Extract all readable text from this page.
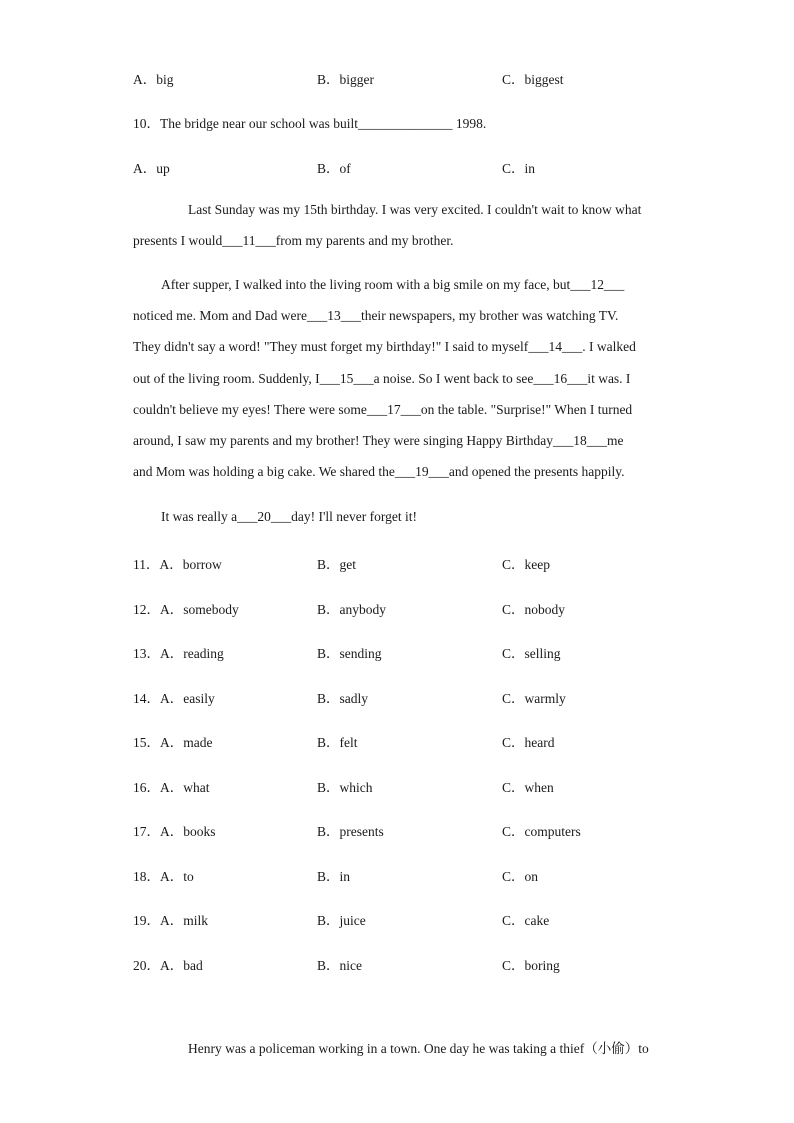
A．big	B．bigger	C．biggest
10．The bridge near our school was built______________ 1998.
A．up	B．of	C．in
Last Sunday was my 15th birthday. I was very excited. I couldn't wait to know what
presents I would___11___from my parents and my brother.
After supper, I walked into the living room with a big smile on my face, but___12___
noticed me. Mom and Dad were___13___their newspapers, my brother was watching TV.
They didn't say a word! "They must forget my birthday!" I said to myself___14___. I walked
out of the living room. Suddenly, I___15___a noise. So I went back to see___16___it was. I
couldn't believe my eyes! There were some___17___on the table. "Surprise!" When I turned
around, I saw my parents and my brother! They were singing Happy Birthday___18___me
and Mom was holding a big cake. We shared the___19___and opened the presents happily.
It was really a___20___day! I'll never forget it!
11．A．borrow	B．get	C．keep
12．A．somebody	B．anybody	C．nobody
13．A．reading	B．sending	C．selling
14．A．easily	B．sadly	C．warmly
15．A．made	B．felt	C．heard
16．A．what	B．which	C．when
17．A．books	B．presents	C．computers
18．A．to	B．in	C．on
19．A．milk	B．juice	C．cake
20．A．bad	B．nice	C．boring
Henry was a policeman working in a town. One day he was taking a thief（小偷）to
